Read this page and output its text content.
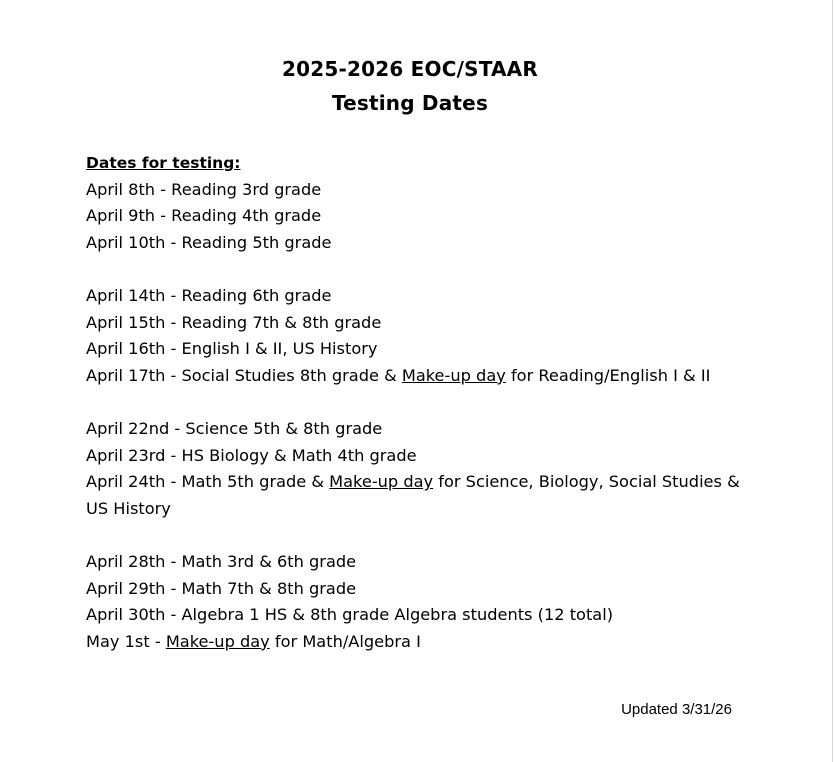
2025-2026 EOC/STAAR
Testing Dates
Dates for testing:
April 8th - Reading 3rd grade
April 9th - Reading 4th grade
April 10th - Reading 5th grade
April 14th - Reading 6th grade
April 15th - Reading 7th & 8th grade
April 16th - English I & II, US History
April 17th - Social Studies 8th grade & Make-up day for Reading/English I & II
April 22nd - Science 5th & 8th grade
April 23rd - HS Biology & Math 4th grade
April 24th - Math 5th grade & Make-up day for Science, Biology, Social Studies & US History
April 28th - Math 3rd & 6th grade
April 29th - Math 7th & 8th grade
April 30th - Algebra 1 HS & 8th grade Algebra students (12 total)
May 1st - Make-up day for Math/Algebra I
Updated 3/31/26
